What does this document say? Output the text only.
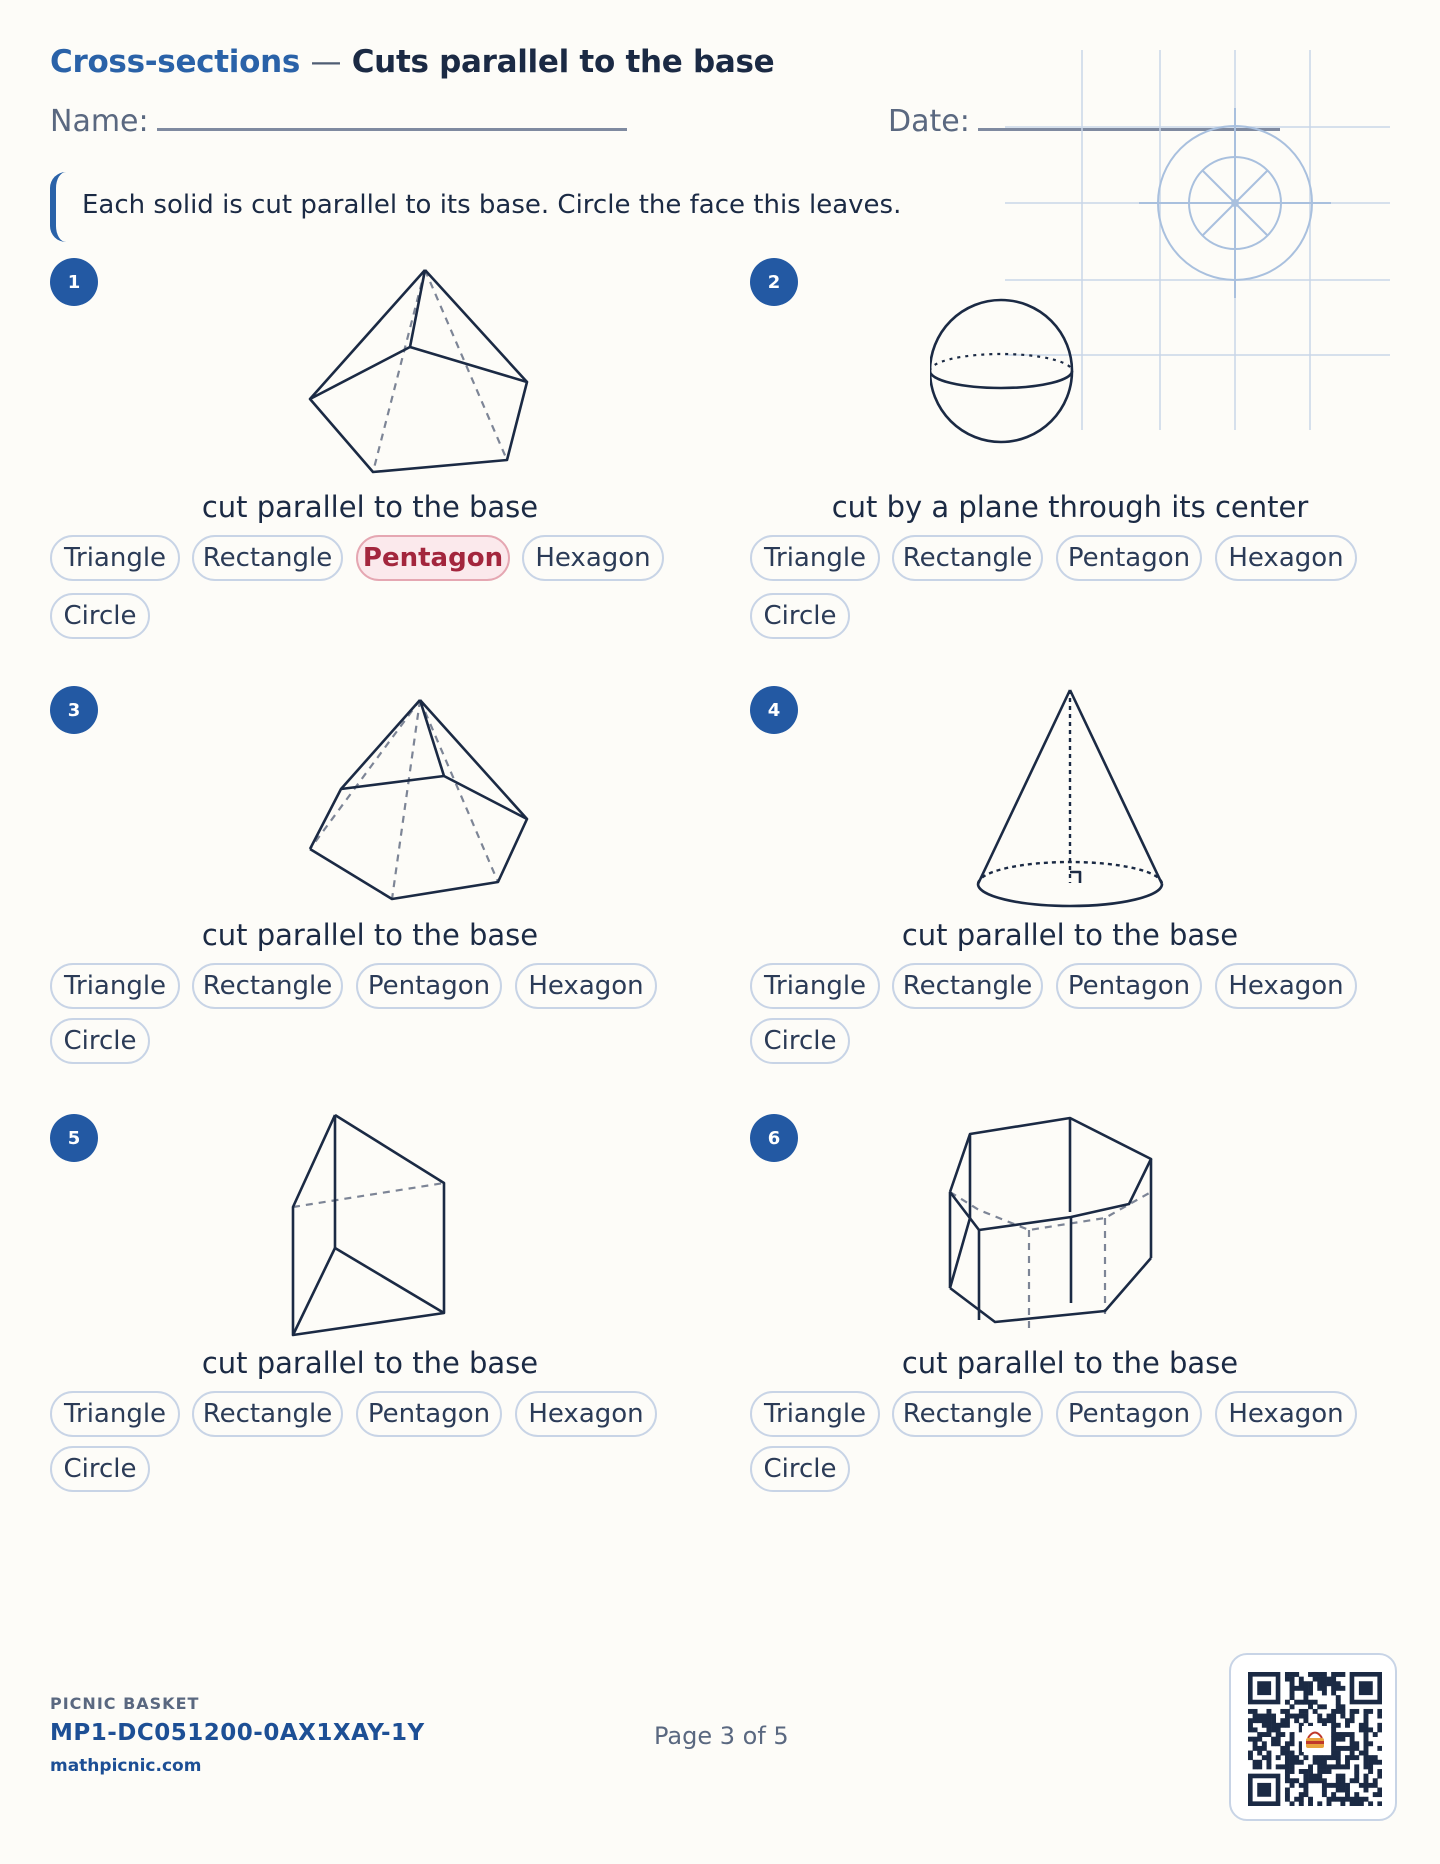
Cross-sections — Cuts parallel to the base
Name:	Date:
Each solid is cut parallel to its base. Circle the face this leaves.
1
cut parallel to the base
Triangle	Rectangle	Pentagon	Hexagon
Circle
2
cut by a plane through its center
Triangle	Rectangle	Pentagon	Hexagon
Circle
3
cut parallel to the base
Triangle	Rectangle	Pentagon	Hexagon
Circle
4
cut parallel to the base
Triangle	Rectangle	Pentagon	Hexagon
Circle
5
cut parallel to the base
Triangle	Rectangle	Pentagon	Hexagon
Circle
6
cut parallel to the base
Triangle	Rectangle	Pentagon	Hexagon
Circle
PICNIC BASKET
MP1-DC051200-0AX1XAY-1Y
mathpicnic.com
Page 3 of 5
